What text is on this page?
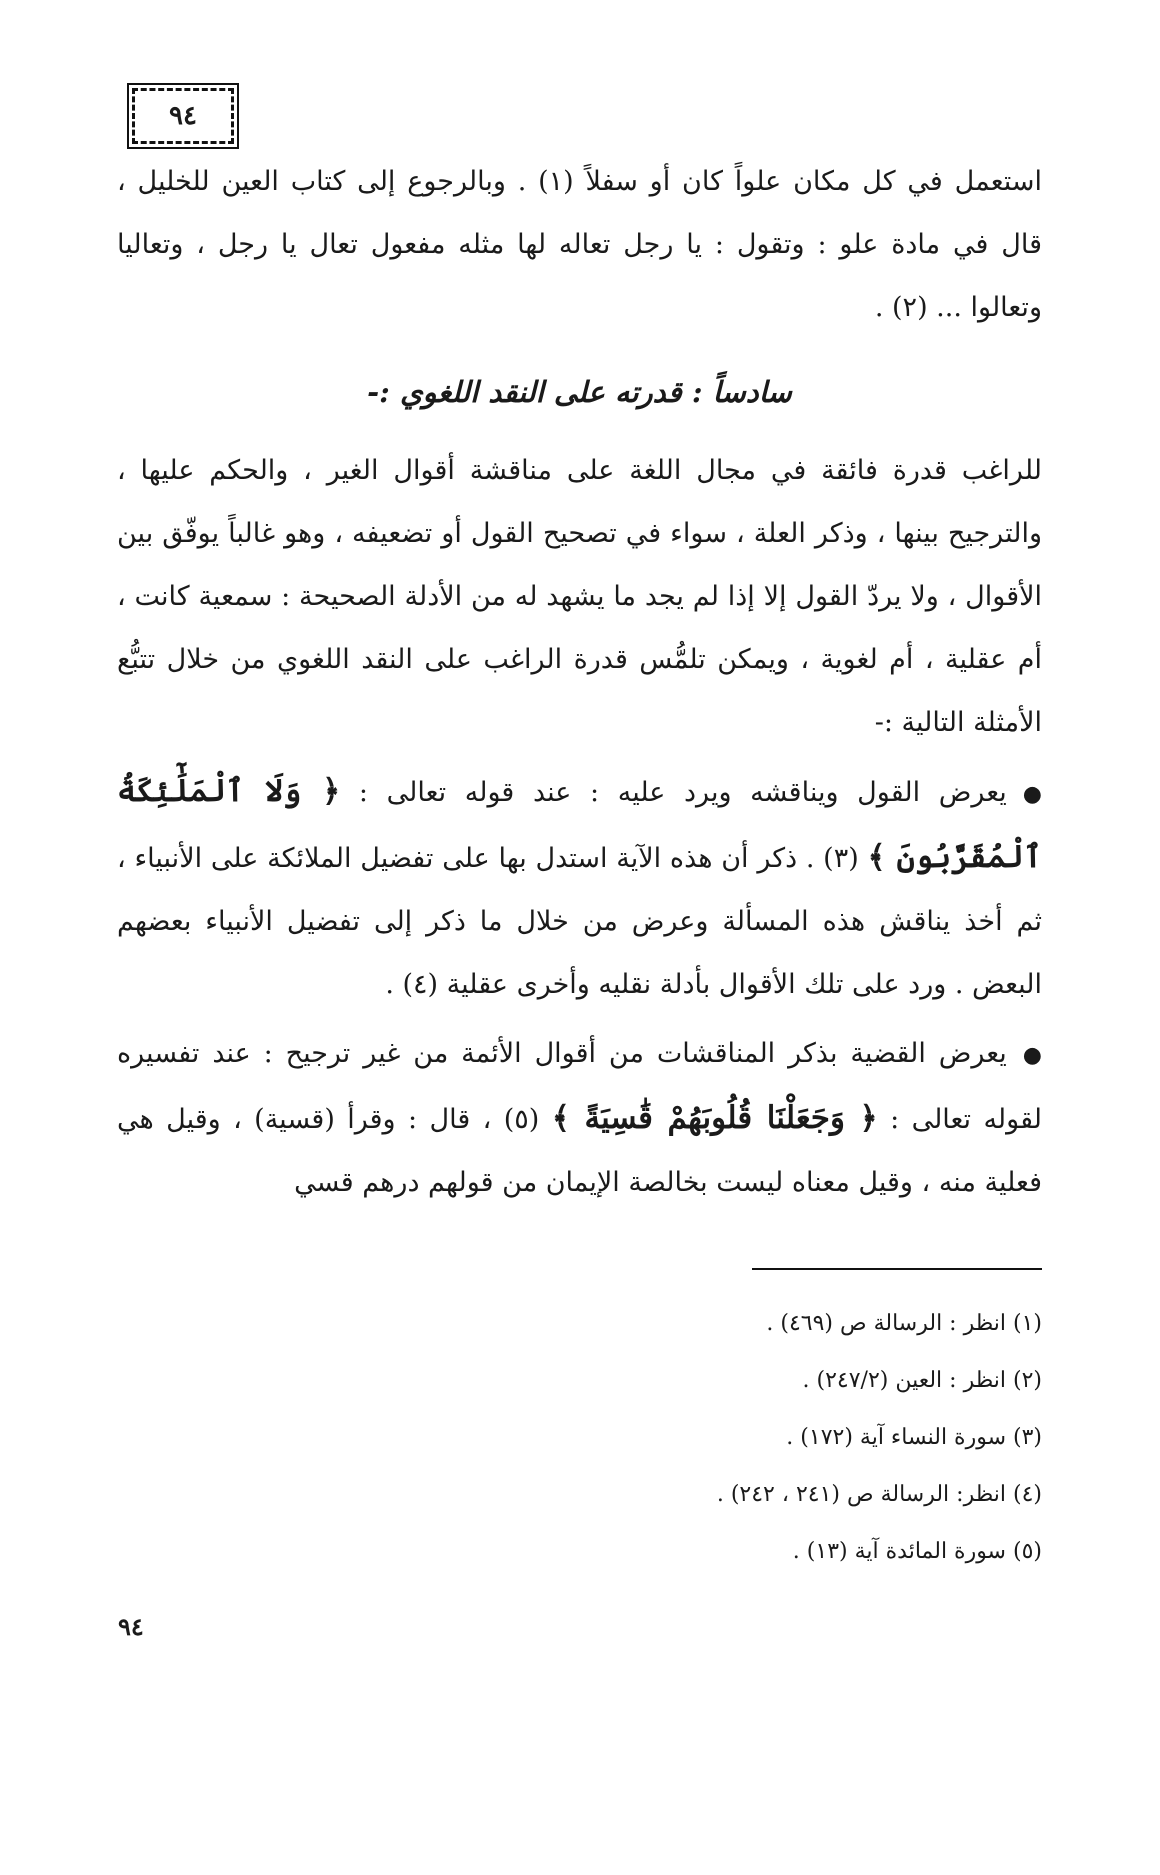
٩٤

استعمل في كل مكان علواً كان أو سفلاً (١) . وبالرجوع إلى كتاب العين للخليل ، قال في مادة علو : وتقول : يا رجل تعاله لها مثله مفعول تعال يا رجل ، وتعاليا وتعالوا ... (٢) .

سادساً : قدرته على النقد اللغوي :-

للراغب قدرة فائقة في مجال اللغة على مناقشة أقوال الغير ، والحكم عليها ، والترجيح بينها ، وذكر العلة ، سواء في تصحيح القول أو تضعيفه ، وهو غالباً يوفّق بين الأقوال ، ولا يردّ القول إلا إذا لم يجد ما يشهد له من الأدلة الصحيحة : سمعية كانت ، أم عقلية ، أم لغوية ، ويمكن تلمُّس قدرة الراغب على النقد اللغوي من خلال تتبُّع الأمثلة التالية :-

●يعرض القول ويناقشه ويرد عليه : عند قوله تعالى : ﴿ وَلَا ٱلْمَلَٰٓئِكَةُ ٱلْمُقَرَّبُونَ ﴾ (٣) . ذكر أن هذه الآية استدل بها على تفضيل الملائكة على الأنبياء ، ثم أخذ يناقش هذه المسألة وعرض من خلال ما ذكر إلى تفضيل الأنبياء بعضهم البعض . ورد على تلك الأقوال بأدلة نقليه وأخرى عقلية (٤) .

●يعرض القضية بذكر المناقشات من أقوال الأئمة من غير ترجيح : عند تفسيره لقوله تعالى : ﴿ وَجَعَلْنَا قُلُوبَهُمْ قَٰسِيَةً ﴾ (٥) ، قال : وقرأ (قسية) ، وقيل هي فعلية منه ، وقيل معناه ليست بخالصة الإيمان من قولهم درهم قسي

(١) انظر : الرسالة ص (٤٦٩) .

(٢) انظر : العين (٢٤٧/٢) .

(٣) سورة النساء آية (١٧٢) .

(٤) انظر: الرسالة ص (٢٤١ ، ٢٤٢) .

(٥) سورة المائدة آية (١٣) .

٩٤
